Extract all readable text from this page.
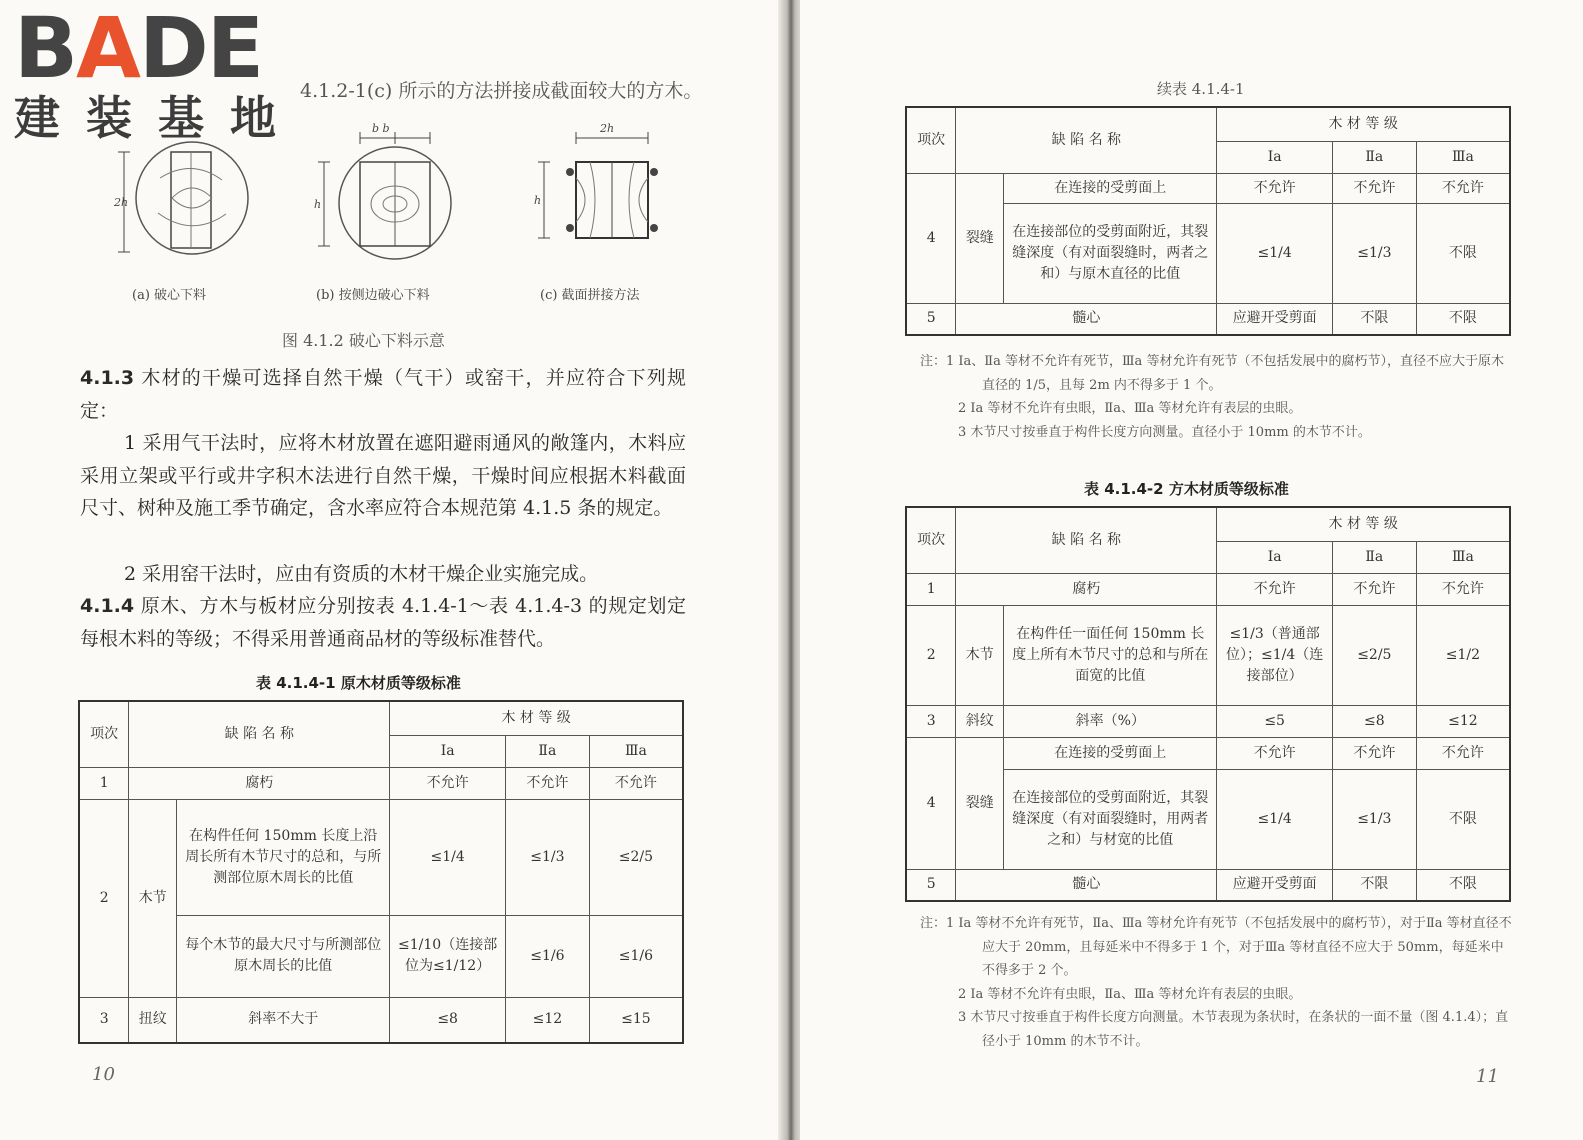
BADE
建装基地
4.1.2-1(c) 所示的方法拼接成截面较大的方木。
2h
(a) 破心下料
b b
h
(b) 按侧边破心下料
2h
h
(c) 截面拼接方法
图 4.1.2 破心下料示意
4.1.3 木材的干燥可选择自然干燥（气干）或窑干，并应符合下列规定：
1 采用气干法时，应将木材放置在遮阳避雨通风的敞篷内，木料应采用立架或平行或井字积木法进行自然干燥，干燥时间应根据木料截面尺寸、树种及施工季节确定，含水率应符合本规范第 4.1.5 条的规定。
2 采用窑干法时，应由有资质的木材干燥企业实施完成。
4.1.4 原木、方木与板材应分别按表 4.1.4-1～表 4.1.4-3 的规定划定每根木料的等级；不得采用普通商品材的等级标准替代。
表 4.1.4-1 原木材质等级标准
项次	缺 陷 名 称		木 材 等 级		
			Ⅰa	Ⅱa	Ⅲa
1	腐朽		不允许	不允许	不允许
2	木节	在构件任何 150mm 长度上沿周长所有木节尺寸的总和，与所测部位原木周长的比值	≤1/4	≤1/3	≤2/5
		每个木节的最大尺寸与所测部位原木周长的比值	≤1/10（连接部位为≤1/12）	≤1/6	≤1/6
3	扭纹	斜率不大于	≤8	≤12	≤15
10
续表 4.1.4-1
项次	缺 陷 名 称		木 材 等 级		
			Ⅰa	Ⅱa	Ⅲa
4	裂缝	在连接的受剪面上	不允许	不允许	不允许
		在连接部位的受剪面附近，其裂缝深度（有对面裂缝时，两者之和）与原木直径的比值	≤1/4	≤1/3	不限
5	髓心		应避开受剪面	不限	不限
注：1 Ⅰa、Ⅱa 等材不允许有死节，Ⅲa 等材允许有死节（不包括发展中的腐朽节），直径不应大于原木直径的 1/5，且每 2m 内不得多于 1 个。
2 Ⅰa 等材不允许有虫眼，Ⅱa、Ⅲa 等材允许有表层的虫眼。
3 木节尺寸按垂直于构件长度方向测量。直径小于 10mm 的木节不计。
表 4.1.4-2 方木材质等级标准
项次	缺 陷 名 称		木 材 等 级		
			Ⅰa	Ⅱa	Ⅲa
1	腐朽		不允许	不允许	不允许
2	木节	在构件任一面任何 150mm 长度上所有木节尺寸的总和与所在面宽的比值	≤1/3（普通部位）；≤1/4（连接部位）	≤2/5	≤1/2
3	斜纹	斜率（%）	≤5	≤8	≤12
4	裂缝	在连接的受剪面上	不允许	不允许	不允许
		在连接部位的受剪面附近，其裂缝深度（有对面裂缝时，用两者之和）与材宽的比值	≤1/4	≤1/3	不限
5	髓心		应避开受剪面	不限	不限
注：1 Ⅰa 等材不允许有死节，Ⅱa、Ⅲa 等材允许有死节（不包括发展中的腐朽节），对于Ⅱa 等材直径不应大于 20mm，且每延米中不得多于 1 个，对于Ⅲa 等材直径不应大于 50mm，每延米中不得多于 2 个。
2 Ⅰa 等材不允许有虫眼，Ⅱa、Ⅲa 等材允许有表层的虫眼。
3 木节尺寸按垂直于构件长度方向测量。木节表现为条状时，在条状的一面不量（图 4.1.4）；直径小于 10mm 的木节不计。
11
